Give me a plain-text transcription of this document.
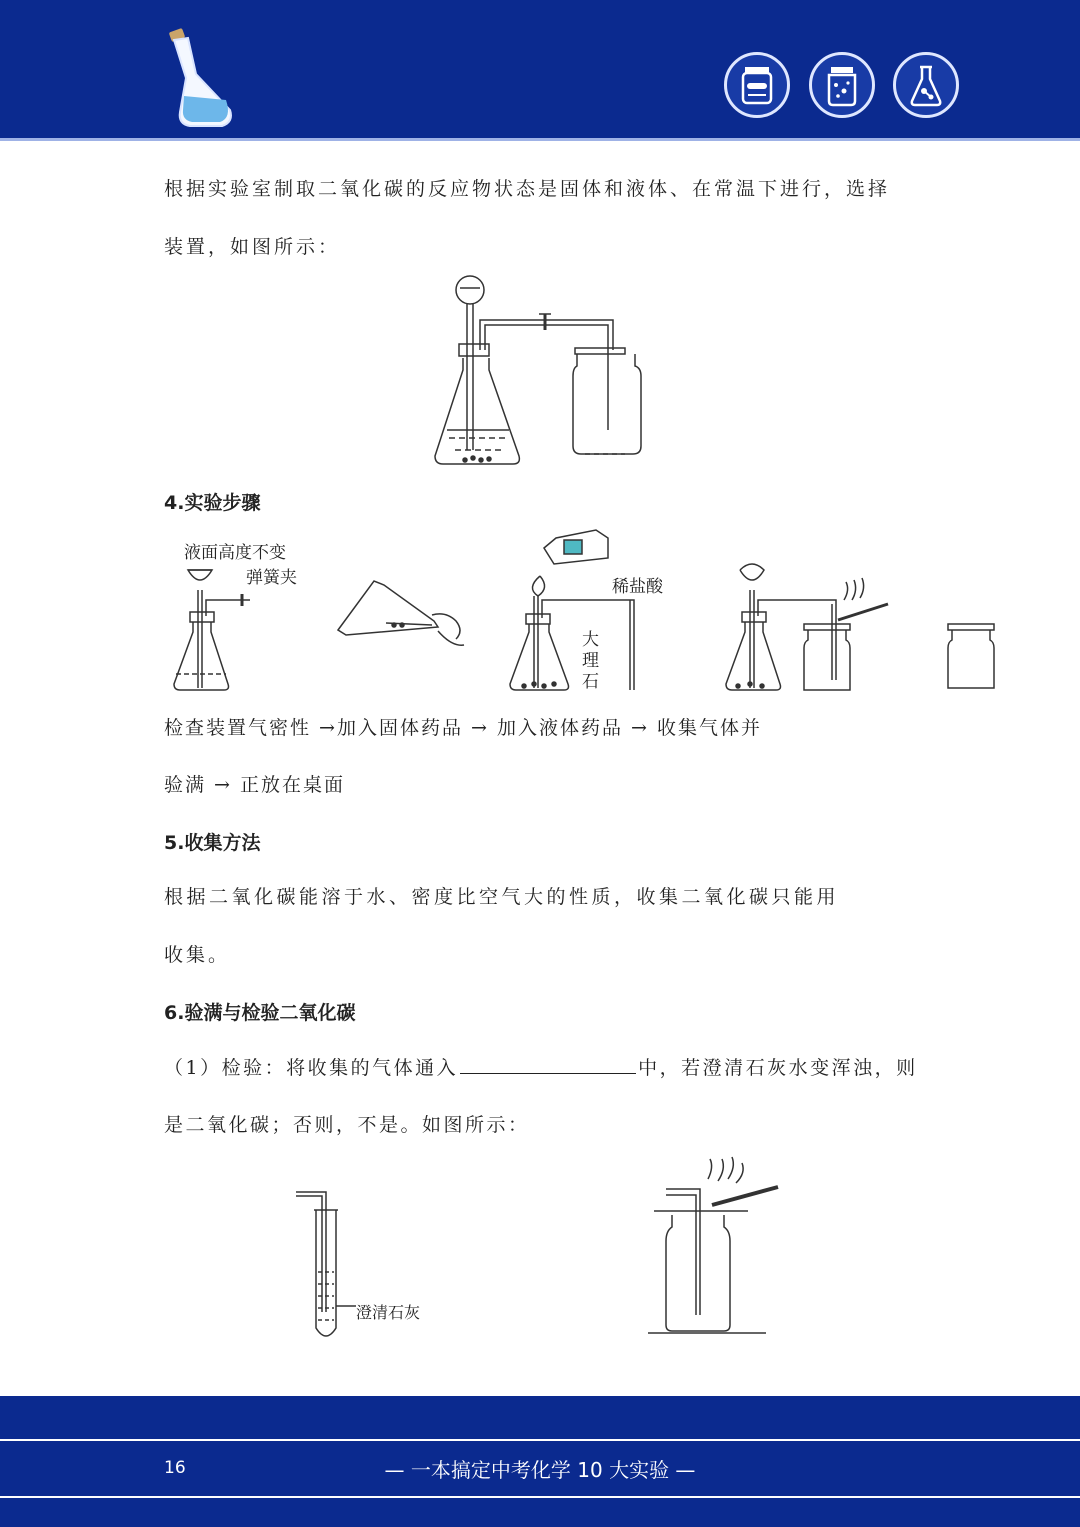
根据实验室制取二氧化碳的反应物状态是固体和液体、在常温下进行，选择
装置，如图所示：
4.实验步骤
液面高度不变
弹簧夹	稀盐酸
大
理
石
检查装置气密性 →加入固体药品 → 加入液体药品 → 收集气体并
验满 → 正放在桌面
5.收集方法
根据二氧化碳能溶于水、密度比空气大的性质，收集二氧化碳只能用
收集。
6.验满与检验二氧化碳
（1）检验：将收集的气体通入	中，若澄清石灰水变浑浊，则
是二氧化碳；否则，不是。如图所示：
澄清石灰
16	— 一本搞定中考化学 10 大实验 —
